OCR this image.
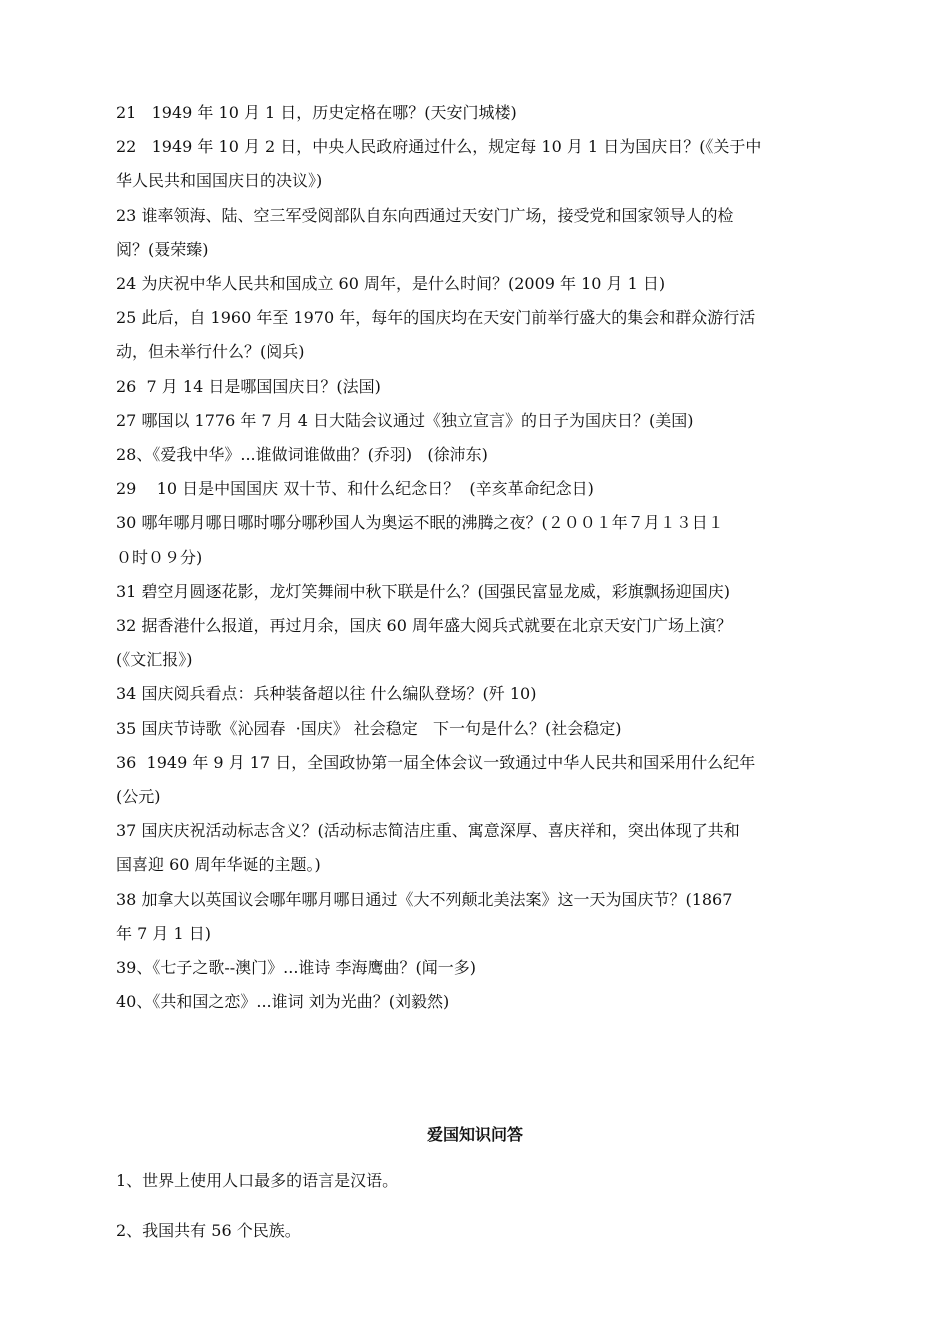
21   1949 年 10 月 1 日，历史定格在哪？(天安门城楼)

22   1949 年 10 月 2 日，中央人民政府通过什么，规定每 10 月 1 日为国庆日？(《关于中

华人民共和国国庆日的决议》)

23 谁率领海、陆、空三军受阅部队自东向西通过天安门广场，接受党和国家领导人的检

阅？(聂荣臻)

24 为庆祝中华人民共和国成立 60 周年，是什么时间？(2009 年 10 月 1 日)

25 此后，自 1960 年至 1970 年，每年的国庆均在天安门前举行盛大的集会和群众游行活

动，但未举行什么？(阅兵)

26  7 月 14 日是哪国国庆日？(法国)

27 哪国以 1776 年 7 月 4 日大陆会议通过《独立宣言》的日子为国庆日？(美国)

28、《爱我中华》...谁做词谁做曲？(乔羽)   (徐沛东)

29    10 日是中国国庆 双十节、和什么纪念日？  (辛亥革命纪念日)

30 哪年哪月哪日哪时哪分哪秒国人为奥运不眠的沸腾之夜？(２００１年７月１３日１

０时０９分)

31 碧空月圆逐花影，龙灯笑舞闹中秋下联是什么？(国强民富显龙威，彩旗飘扬迎国庆)

32 据香港什么报道，再过月余，国庆 60 周年盛大阅兵式就要在北京天安门广场上演？

(《文汇报》)

34 国庆阅兵看点：兵种装备超以往 什么编队登场？(歼 10)

35 国庆节诗歌《沁园春  ·国庆》 社会稳定   下一句是什么？(社会稳定)

36  1949 年 9 月 17 日，全国政协第一届全体会议一致通过中华人民共和国采用什么纪年

(公元)

37 国庆庆祝活动标志含义？(活动标志简洁庄重、寓意深厚、喜庆祥和，突出体现了共和

国喜迎 60 周年华诞的主题。)

38 加拿大以英国议会哪年哪月哪日通过《大不列颠北美法案》这一天为国庆节？(1867

年 7 月 1 日)

39、《七子之歌--澳门》...谁诗 李海鹰曲？(闻一多)

40、《共和国之恋》...谁词 刘为光曲？(刘毅然)

爱国知识问答

1、世界上使用人口最多的语言是汉语。

2、我国共有 56 个民族。
